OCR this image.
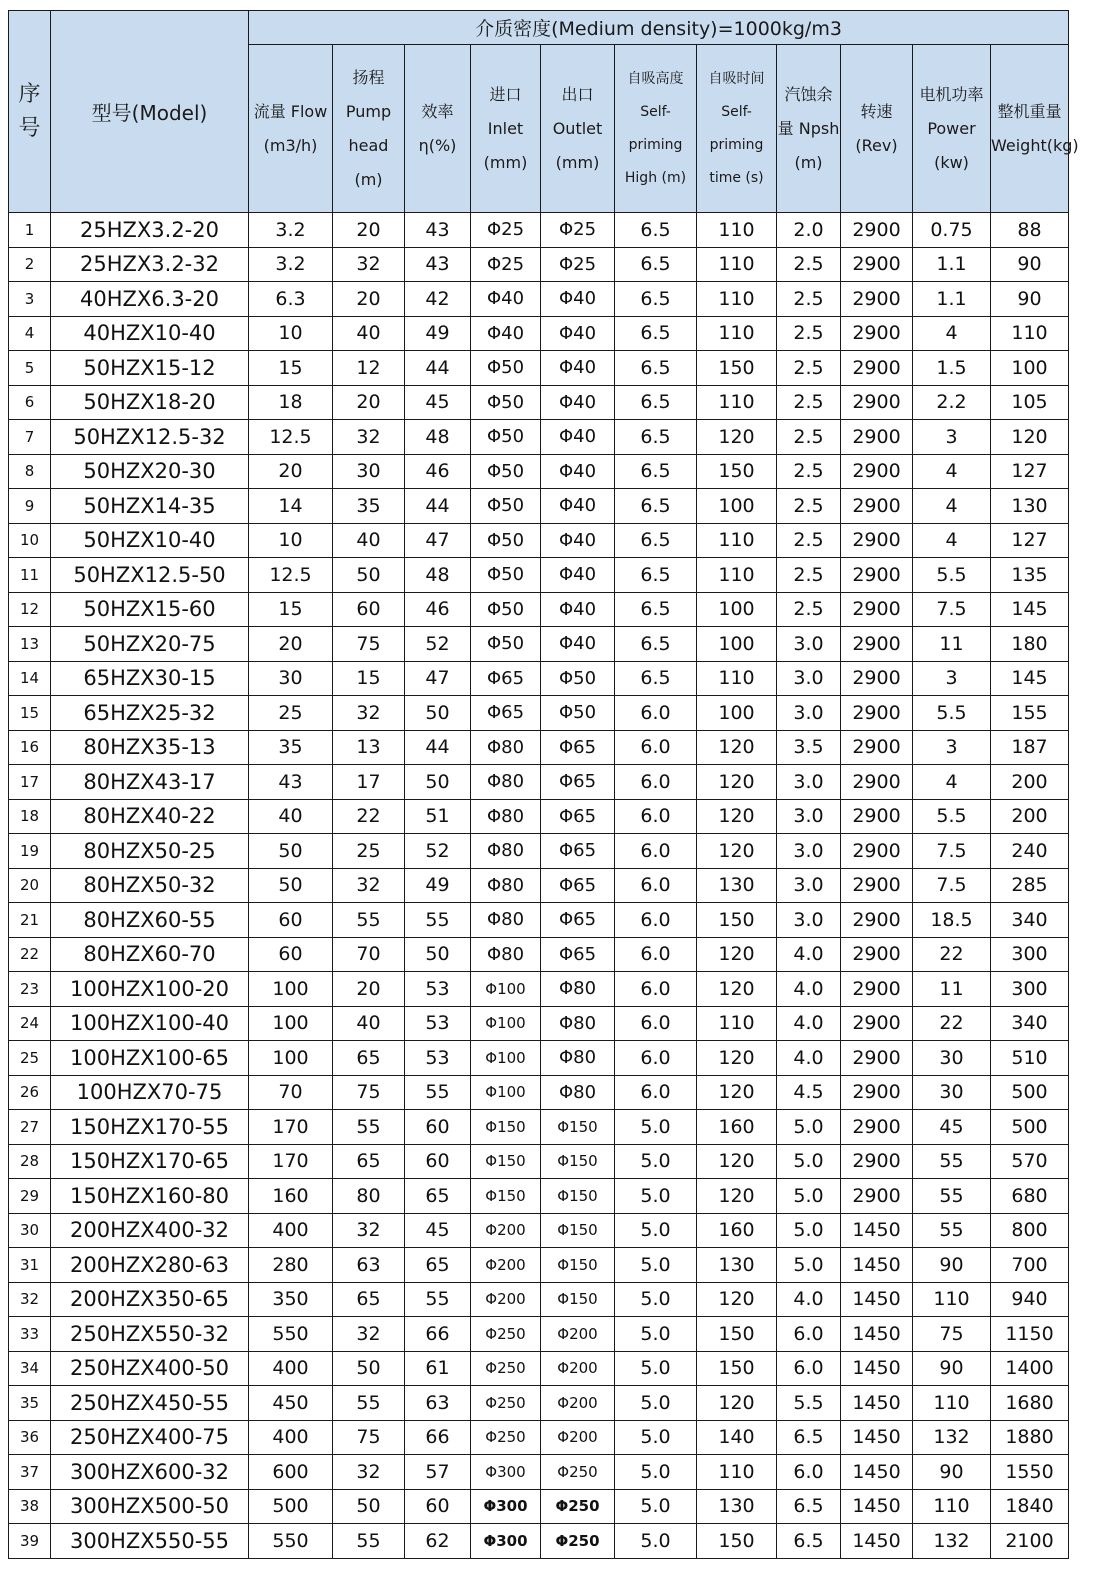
序号	型号(Model)	介质密度(Medium density)=1000kg/m3										
		流量 Flow (m3/h)	扬程 Pump head (m)	效率 η(%)	进口 Inlet (mm)	出口 Outlet (mm)	自吸高度 Self-priming High (m)	自吸时间 Self-priming time (s)	汽蚀余量 Npsh (m)	转速 (Rev)	电机功率 Power (kw)	整机重量 Weight(kg)
1	25HZX3.2-20	3.2	20	43	Φ25	Φ25	6.5	110	2.0	2900	0.75	88
2	25HZX3.2-32	3.2	32	43	Φ25	Φ25	6.5	110	2.5	2900	1.1	90
3	40HZX6.3-20	6.3	20	42	Φ40	Φ40	6.5	110	2.5	2900	1.1	90
4	40HZX10-40	10	40	49	Φ40	Φ40	6.5	110	2.5	2900	4	110
5	50HZX15-12	15	12	44	Φ50	Φ40	6.5	150	2.5	2900	1.5	100
6	50HZX18-20	18	20	45	Φ50	Φ40	6.5	110	2.5	2900	2.2	105
7	50HZX12.5-32	12.5	32	48	Φ50	Φ40	6.5	120	2.5	2900	3	120
8	50HZX20-30	20	30	46	Φ50	Φ40	6.5	150	2.5	2900	4	127
9	50HZX14-35	14	35	44	Φ50	Φ40	6.5	100	2.5	2900	4	130
10	50HZX10-40	10	40	47	Φ50	Φ40	6.5	110	2.5	2900	4	127
11	50HZX12.5-50	12.5	50	48	Φ50	Φ40	6.5	110	2.5	2900	5.5	135
12	50HZX15-60	15	60	46	Φ50	Φ40	6.5	100	2.5	2900	7.5	145
13	50HZX20-75	20	75	52	Φ50	Φ40	6.5	100	3.0	2900	11	180
14	65HZX30-15	30	15	47	Φ65	Φ50	6.5	110	3.0	2900	3	145
15	65HZX25-32	25	32	50	Φ65	Φ50	6.0	100	3.0	2900	5.5	155
16	80HZX35-13	35	13	44	Φ80	Φ65	6.0	120	3.5	2900	3	187
17	80HZX43-17	43	17	50	Φ80	Φ65	6.0	120	3.0	2900	4	200
18	80HZX40-22	40	22	51	Φ80	Φ65	6.0	120	3.0	2900	5.5	200
19	80HZX50-25	50	25	52	Φ80	Φ65	6.0	120	3.0	2900	7.5	240
20	80HZX50-32	50	32	49	Φ80	Φ65	6.0	130	3.0	2900	7.5	285
21	80HZX60-55	60	55	55	Φ80	Φ65	6.0	150	3.0	2900	18.5	340
22	80HZX60-70	60	70	50	Φ80	Φ65	6.0	120	4.0	2900	22	300
23	100HZX100-20	100	20	53	Φ100	Φ80	6.0	120	4.0	2900	11	300
24	100HZX100-40	100	40	53	Φ100	Φ80	6.0	110	4.0	2900	22	340
25	100HZX100-65	100	65	53	Φ100	Φ80	6.0	120	4.0	2900	30	510
26	100HZX70-75	70	75	55	Φ100	Φ80	6.0	120	4.5	2900	30	500
27	150HZX170-55	170	55	60	Φ150	Φ150	5.0	160	5.0	2900	45	500
28	150HZX170-65	170	65	60	Φ150	Φ150	5.0	120	5.0	2900	55	570
29	150HZX160-80	160	80	65	Φ150	Φ150	5.0	120	5.0	2900	55	680
30	200HZX400-32	400	32	45	Φ200	Φ150	5.0	160	5.0	1450	55	800
31	200HZX280-63	280	63	65	Φ200	Φ150	5.0	130	5.0	1450	90	700
32	200HZX350-65	350	65	55	Φ200	Φ150	5.0	120	4.0	1450	110	940
33	250HZX550-32	550	32	66	Φ250	Φ200	5.0	150	6.0	1450	75	1150
34	250HZX400-50	400	50	61	Φ250	Φ200	5.0	150	6.0	1450	90	1400
35	250HZX450-55	450	55	63	Φ250	Φ200	5.0	120	5.5	1450	110	1680
36	250HZX400-75	400	75	66	Φ250	Φ200	5.0	140	6.5	1450	132	1880
37	300HZX600-32	600	32	57	Φ300	Φ250	5.0	110	6.0	1450	90	1550
38	300HZX500-50	500	50	60	Φ300	Φ250	5.0	130	6.5	1450	110	1840
39	300HZX550-55	550	55	62	Φ300	Φ250	5.0	150	6.5	1450	132	2100
